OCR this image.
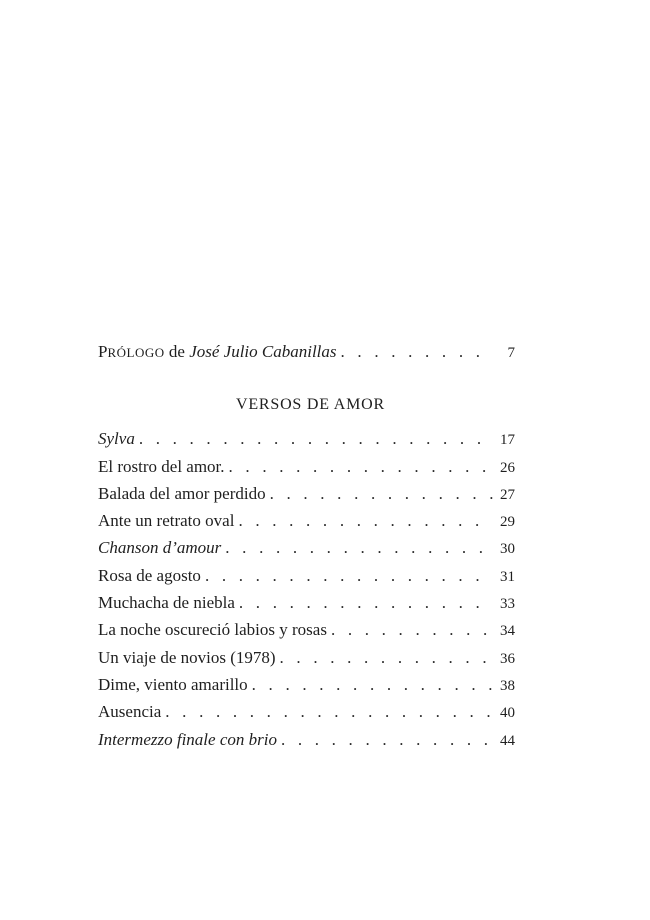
PRÓLOGO de José Julio Cabanillas . . .	7
VERSOS DE AMOR
Sylva . . .	17
El rostro del amor. . . .	26
Balada del amor perdido . . .	27
Ante un retrato oval . . .	29
Chanson d’amour . . .	30
Rosa de agosto . . .	31
Muchacha de niebla . . .	33
La noche oscureció labios y rosas . . .	34
Un viaje de novios (1978) . . .	36
Dime, viento amarillo . . .	38
Ausencia . . .	40
Intermezzo finale con brio . . .	44
